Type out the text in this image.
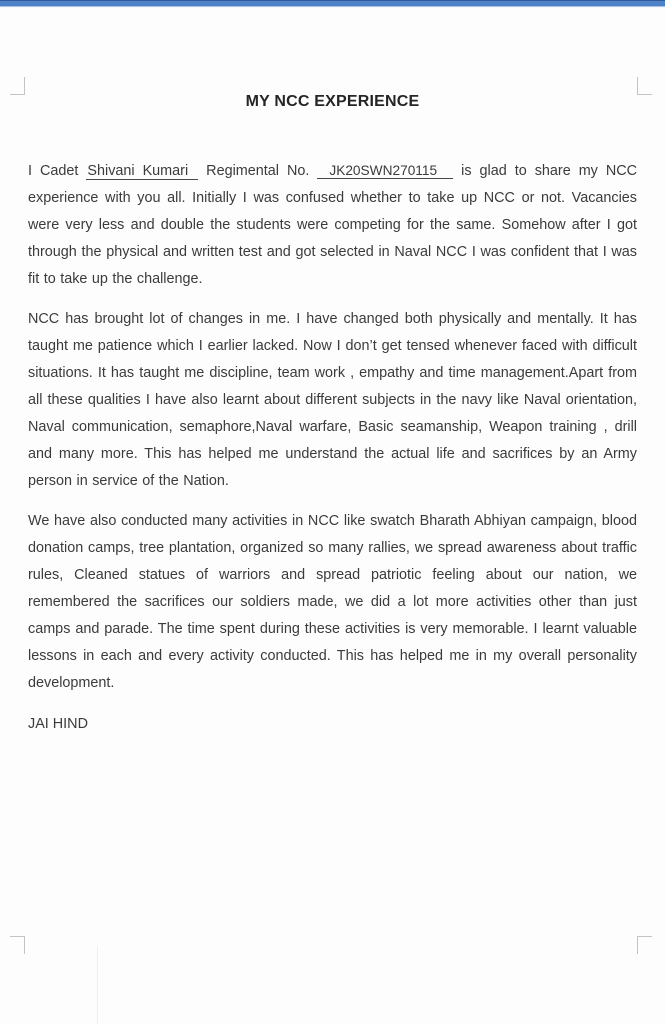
MY NCC EXPERIENCE

I Cadet Shivani Kumari Regimental No. JK20SWN270115 is glad to share my NCC experience with you all. Initially I was confused whether to take up NCC or not. Vacancies were very less and double the students were competing for the same. Somehow after I got through the physical and written test and got selected in Naval NCC I was confident that I was fit to take up the challenge.

NCC has brought lot of changes in me. I have changed both physically and mentally. It has taught me patience which I earlier lacked. Now I don’t get tensed whenever faced with difficult situations. It has taught me discipline, team work , empathy and time management.Apart from all these qualities I have also learnt about different subjects in the navy like Naval orientation, Naval communication, semaphore,Naval warfare, Basic seamanship, Weapon training , drill and many more. This has helped me understand the actual life and sacrifices by an Army person in service of the Nation.

We have also conducted many activities in NCC like swatch Bharath Abhiyan campaign, blood donation camps, tree plantation, organized so many rallies, we spread awareness about traffic rules, Cleaned statues of warriors and spread patriotic feeling about our nation, we remembered the sacrifices our soldiers made, we did a lot more activities other than just camps and parade. The time spent during these activities is very memorable. I learnt valuable lessons in each and every activity conducted. This has helped me in my overall personality development.

JAI HIND
